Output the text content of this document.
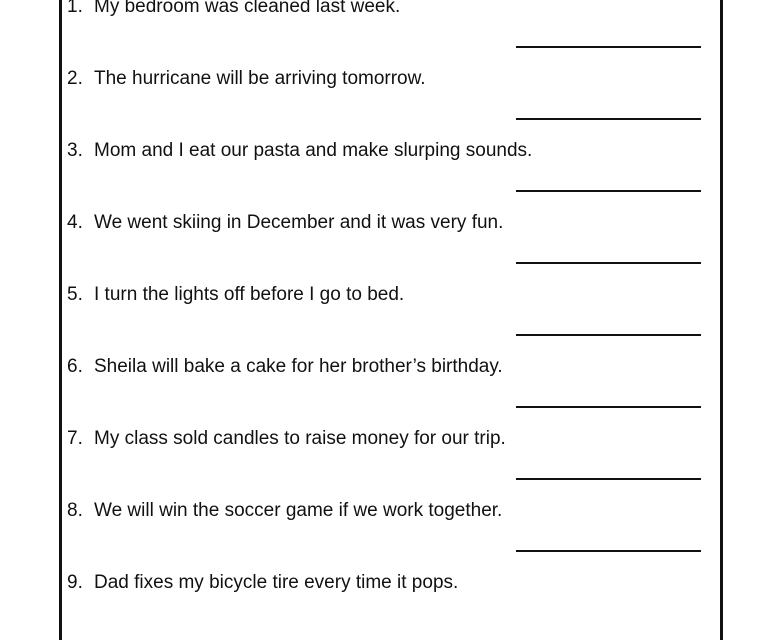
1. My bedroom was cleaned last week.
2. The hurricane will be arriving tomorrow.
3. Mom and I eat our pasta and make slurping sounds.
4. We went skiing in December and it was very fun.
5. I turn the lights off before I go to bed.
6. Sheila will bake a cake for her brother’s birthday.
7. My class sold candles to raise money for our trip.
8. We will win the soccer game if we work together.
9. Dad fixes my bicycle tire every time it pops.
